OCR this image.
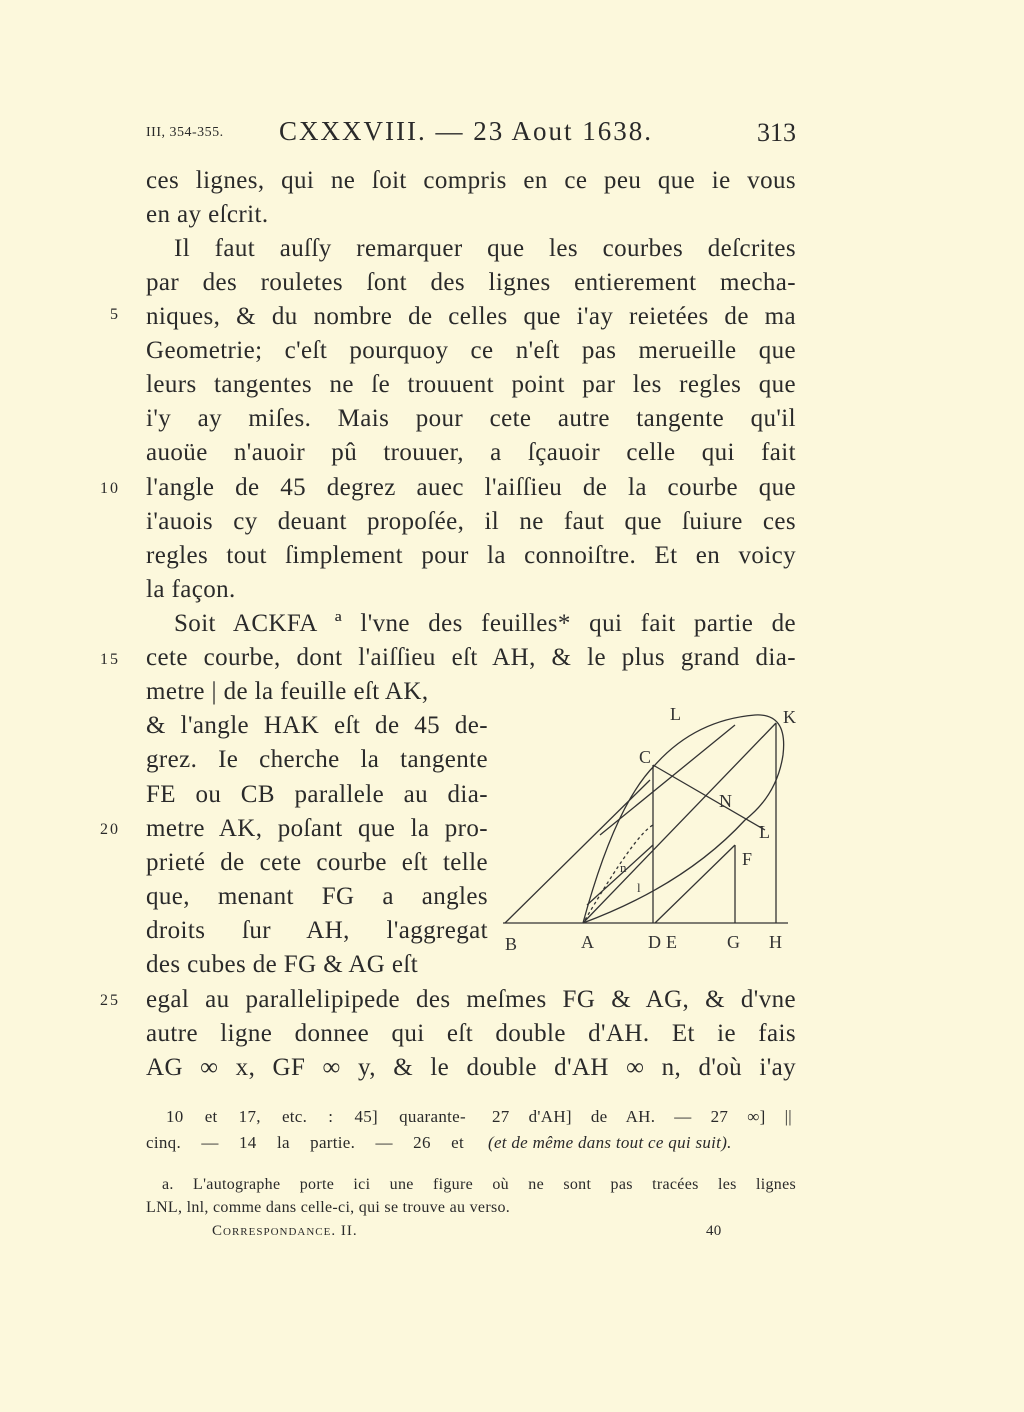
III, 354-355. CXXXVIII. — 23 Aout 1638.	313
ces lignes, qui ne ſoit compris en ce peu que ie vous
en ay eſcrit.
Il faut auſſy remarquer que les courbes deſcrites
par des rouletes ſont des lignes entierement mecha-
niques, & du nombre de celles que i'ay reietées de ma
Geometrie; c'eſt pourquoy ce n'eſt pas merueille que
leurs tangentes ne ſe trouuent point par les regles que
i'y ay miſes. Mais pour cete autre tangente qu'il
auoüe n'auoir pû trouuer, a ſçauoir celle qui fait
l'angle de 45 degrez auec l'aiſſieu de la courbe que
i'auois cy deuant propoſée, il ne faut que ſuiure ces
regles tout ſimplement pour la connoiſtre. Et en voicy
la façon.
Soit ACKFA ª l'vne des feuilles* qui fait partie de
cete courbe, dont l'aiſſieu eſt AH, & le plus grand dia-
metre | de la feuille eſt AK,
& l'angle HAK eſt de 45 de-
grez. Ie cherche la tangente
FE ou CB parallele au dia-
metre AK, poſant que la pro-
prieté de cete courbe eſt telle
que, menant FG a angles
droits ſur AH, l'aggregat
des cubes de FG & AG eſt
egal au parallelipipede des meſmes FG & AG, & d'vne
autre ligne donnee qui eſt double d'AH. Et ie fais
AG ∞ x, GF ∞ y, & le double d'AH ∞ n, d'où i'ay
5
10
15
20
25
L	K
C
N
L
F
n
l
B	A	D E	G H
10 et 17, etc. : 45] quarante-
cinq. — 14 la partie. — 26 et
27 d'AH] de AH. — 27 ∞] ||
(et de même dans tout ce qui suit).
a. L'autographe porte ici une figure où ne sont pas tracées les lignes
LNL, lnl, comme dans celle-ci, qui se trouve au verso.
Correspondance. II.	40
